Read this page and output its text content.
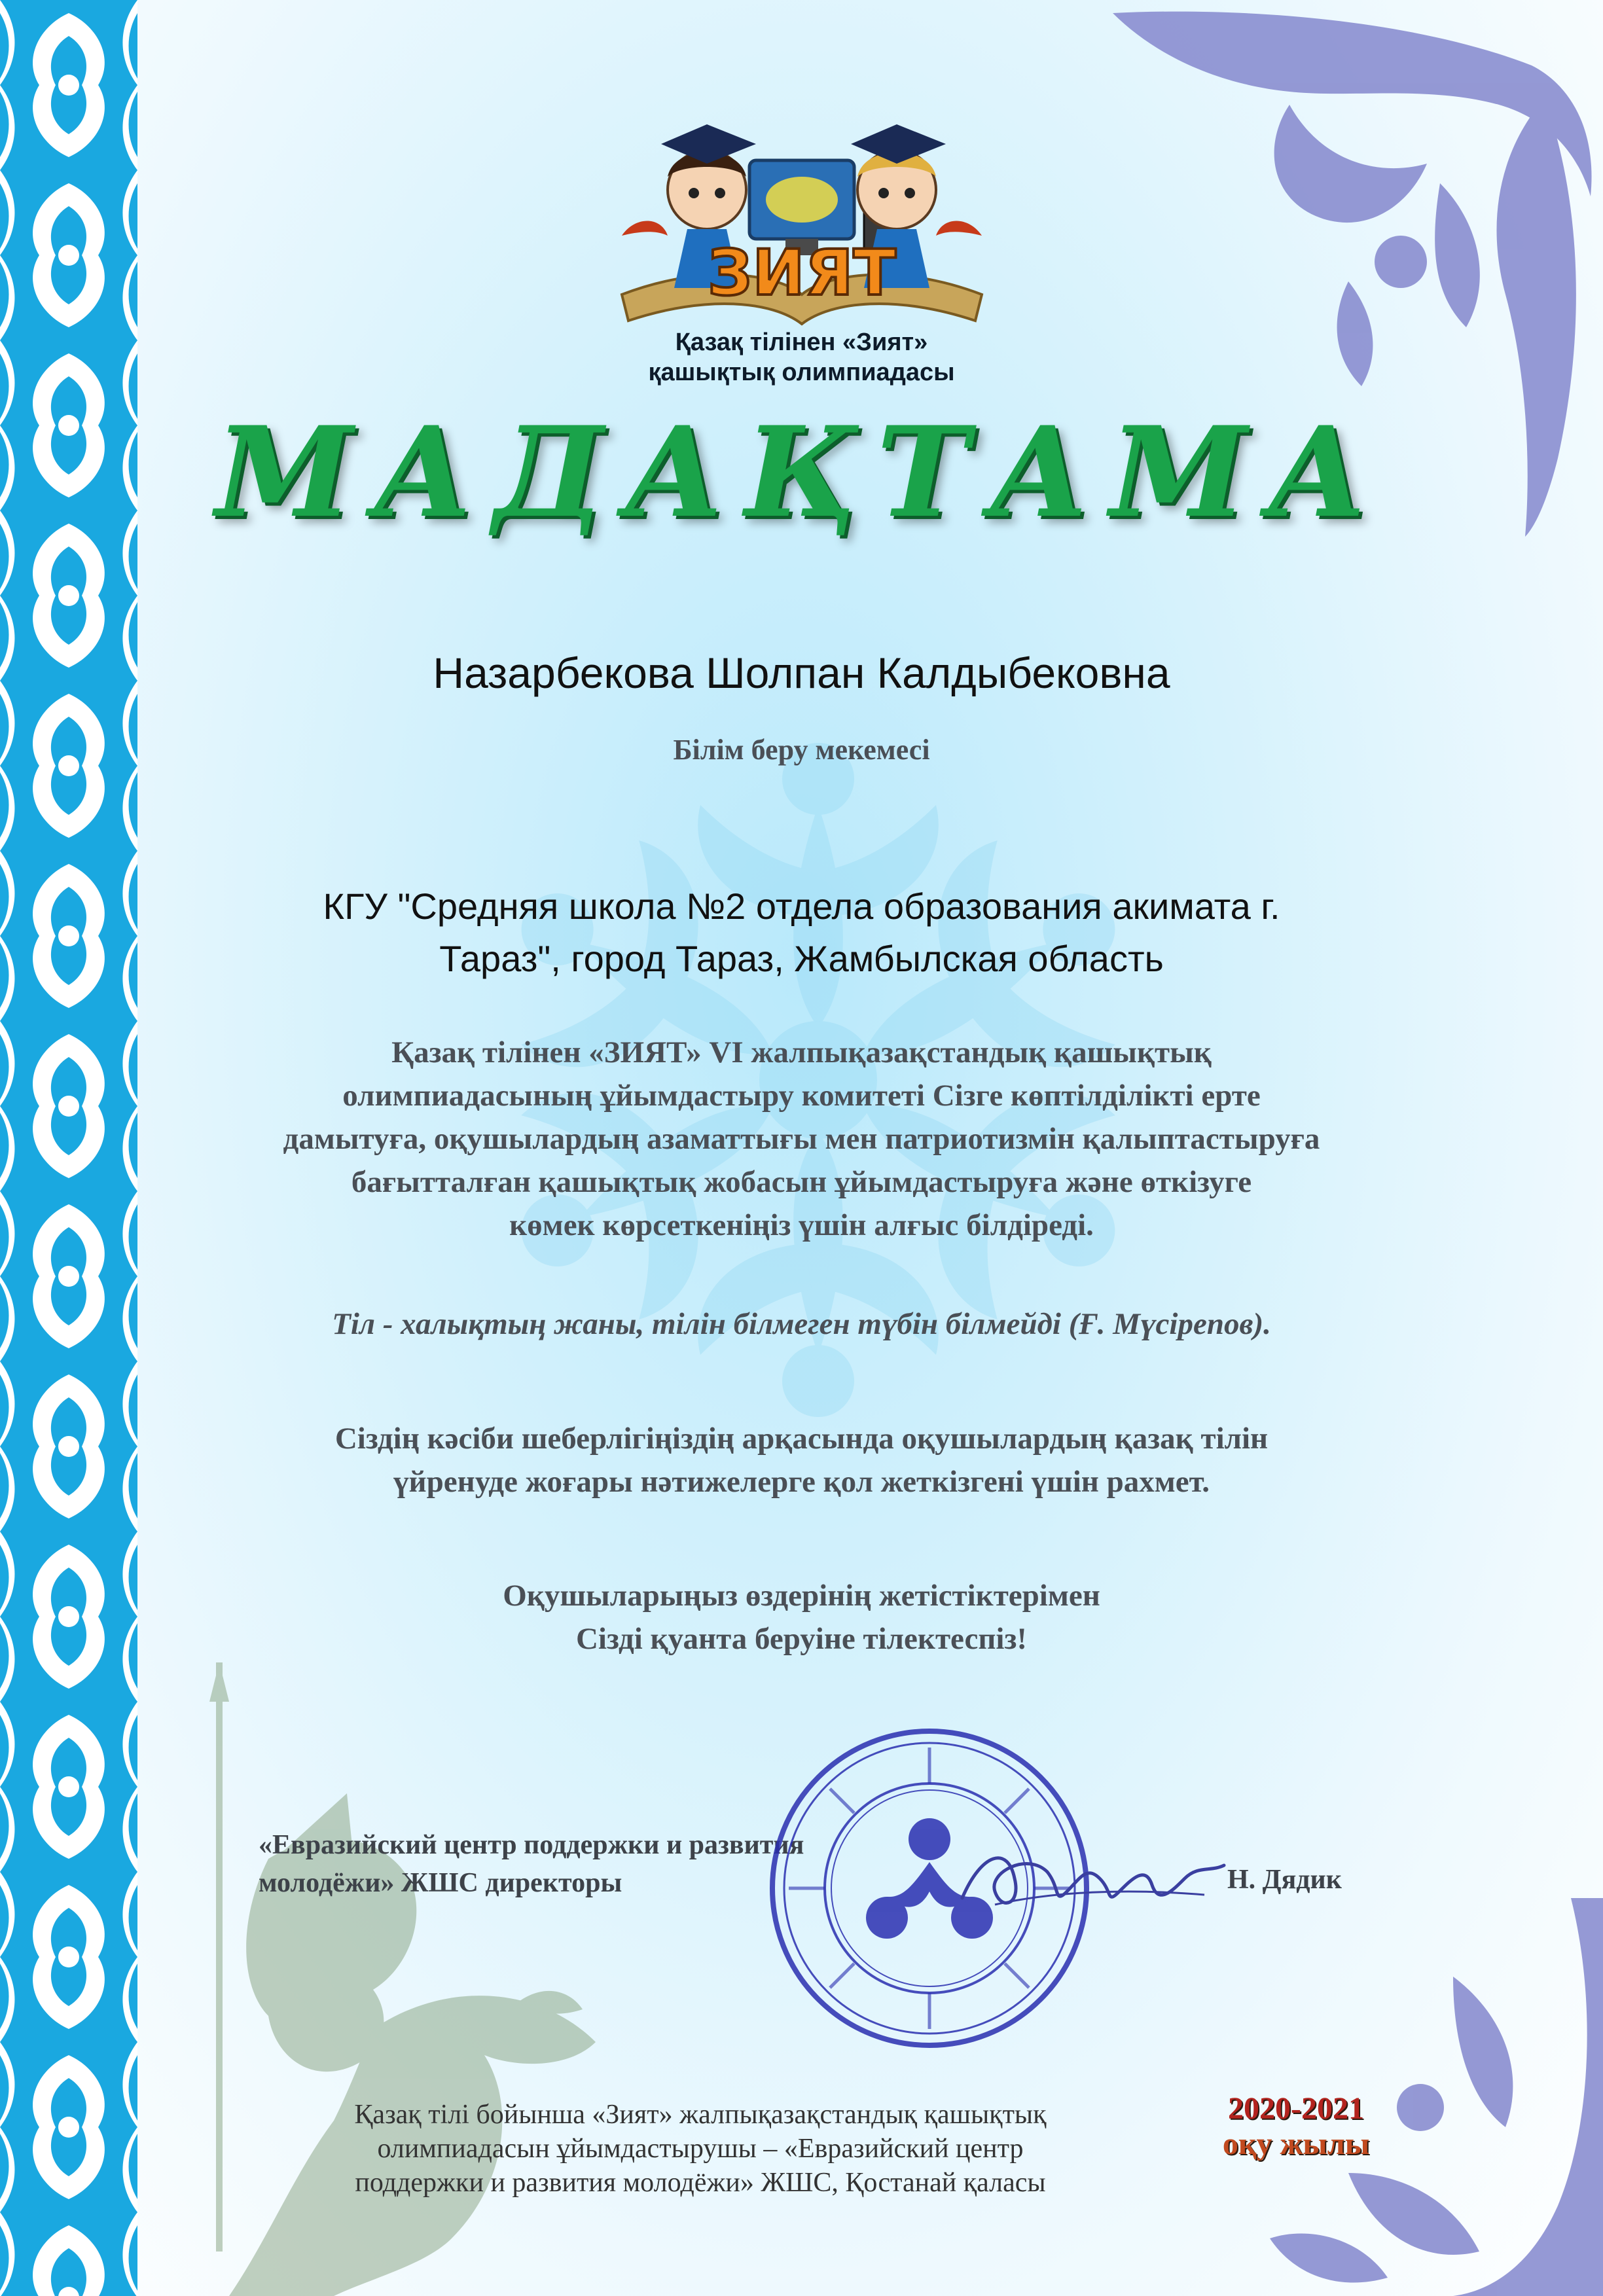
ЗИЯТ
Қазақ тілінен «Зият»
қашықтық олимпиадасы
МАДАҚТАМА
Назарбекова Шолпан Калдыбековна
Білім беру мекемесі
КГУ "Средняя школа №2 отдела образования акимата г.
Тараз", город Тараз, Жамбылская область
Қазақ тілінен «ЗИЯТ» VI жалпықазақстандық қашықтық
олимпиадасының ұйымдастыру комитеті Сізге көптілділікті ерте
дамытуға, оқушылардың азаматтығы мен патриотизмін қалыптастыруға
бағытталған қашықтық жобасын ұйымдастыруға және өткізуге
көмек көрсеткеніңіз үшін алғыс білдіреді.
Тіл - халықтың жаны, тілін білмеген түбін білмейді (Ғ. Мүсірепов).
Сіздің кәсіби шеберлігіңіздің арқасында оқушылардың қазақ тілін
үйренуде жоғары нәтижелерге қол жеткізгені үшін рахмет.
Оқушыларыңыз өздерінің жетістіктерімен
Сізді қуанта беруіне тілектеспіз!
«Евразийский центр поддержки и развития
молодёжи» ЖШС директоры	Н. Дядик
Қазақ тілі бойынша «Зият» жалпықазақстандық қашықтық
олимпиадасын ұйымдастырушы – «Евразийский центр
поддержки и развития молодёжи» ЖШС, Қостанай қаласы
2020-2021
оқу жылы
